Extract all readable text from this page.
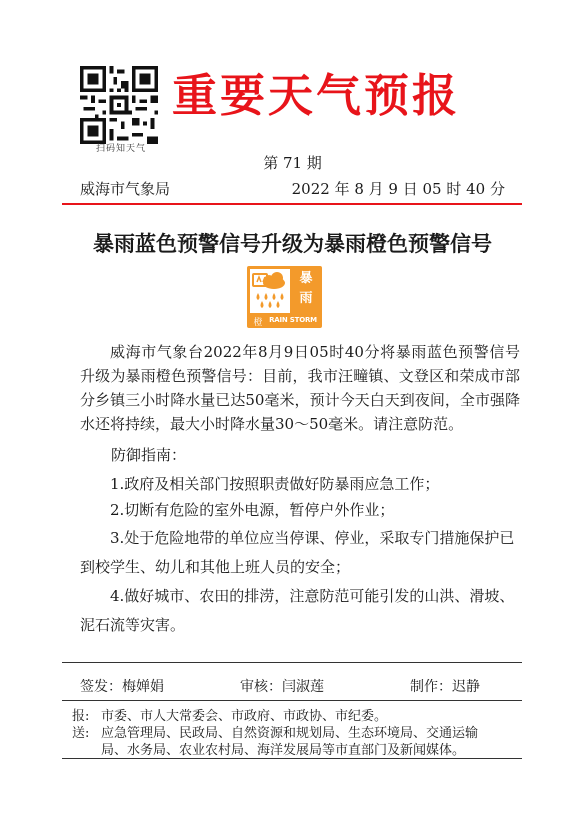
扫码知天气
重要天气预报
第 71 期
威海市气象局	2022 年 8 月 9 日 05 时 40 分
暴雨蓝色预警信号升级为暴雨橙色预警信号
暴
雨
橙 RAIN STORM

威海市气象台2022年8月9日05时40分将暴雨蓝色预警信号升级为暴雨橙色预警信号：目前，我市汪疃镇、文登区和荣成市部分乡镇三小时降水量已达50毫米，预计今天白天到夜间，全市强降水还将持续，最大小时降水量30～50毫米。请注意防范。

防御指南：
1.政府及相关部门按照职责做好防暴雨应急工作；
2.切断有危险的室外电源，暂停户外作业；
3.处于危险地带的单位应当停课、停业，采取专门措施保护已到校学生、幼儿和其他上班人员的安全；
4.做好城市、农田的排涝，注意防范可能引发的山洪、滑坡、泥石流等灾害。
签发：梅婵娟	审核：闫淑莲	制作：迟静
报: 市委、市人大常委会、市政府、市政协、市纪委。
送: 应急管理局、民政局、自然资源和规划局、生态环境局、交通运输
局、水务局、农业农村局、海洋发展局等市直部门及新闻媒体。
